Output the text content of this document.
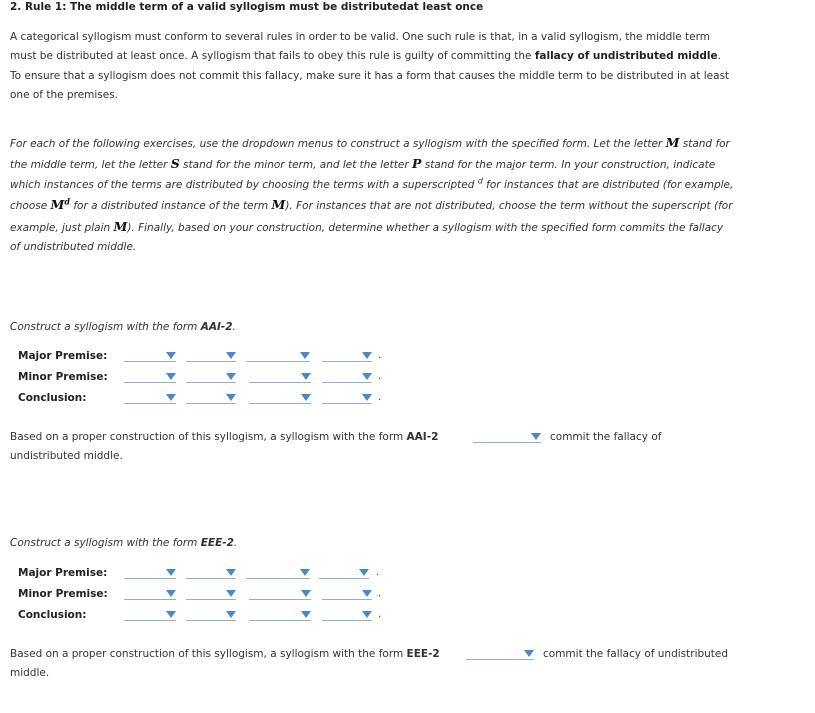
2. Rule 1: The middle term of a valid syllogism must be distributedat least once
A categorical syllogism must conform to several rules in order to be valid. One such rule is that, in a valid syllogism, the middle term must be distributed at least once. A syllogism that fails to obey this rule is guilty of committing the fallacy of undistributed middle. To ensure that a syllogism does not commit this fallacy, make sure it has a form that causes the middle term to be distributed in at least one of the premises.
For each of the following exercises, use the dropdown menus to construct a syllogism with the specified form. Let the letter M stand for the middle term, let the letter S stand for the minor term, and let the letter P stand for the major term. In your construction, indicate which instances of the terms are distributed by choosing the terms with a superscripted $^d$ for instances that are distributed (for example, choose $M^d$ for a distributed instance of the term M). For instances that are not distributed, choose the term without the superscript (for example, just plain M). Finally, based on your construction, determine whether a syllogism with the specified form commits the fallacy of undistributed middle.
Construct a syllogism with the form AAI-2.
Major Premise:
Minor Premise:
Conclusion:
.
.
.
Based on a proper construction of this syllogism, a syllogism with the form AAI-2	commit the fallacy of
undistributed middle.
Construct a syllogism with the form EEE-2.
Major Premise:
Minor Premise:
Conclusion:
.
.
.
Based on a proper construction of this syllogism, a syllogism with the form EEE-2	commit the fallacy of undistributed
middle.
